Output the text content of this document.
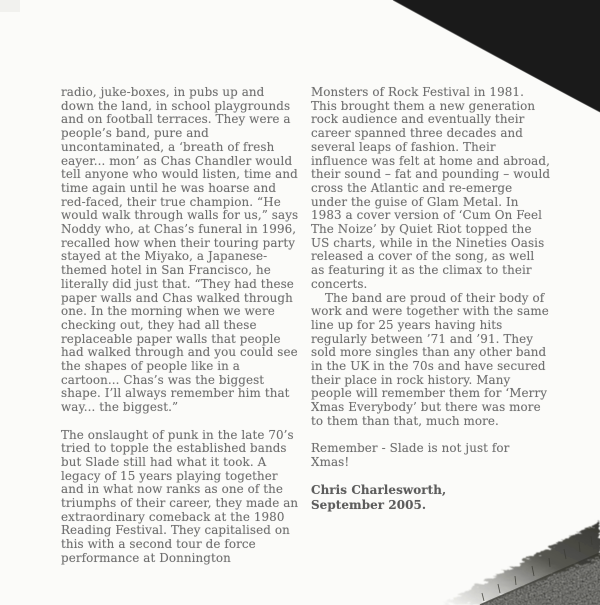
radio, juke-boxes, in pubs up and down the land, in school playgrounds and on football terraces. They were a people’s band, pure and uncontaminated, a ‘breath of fresh eayer... mon’ as Chas Chandler would tell anyone who would listen, time and time again until he was hoarse and red-faced, their true champion. “He would walk through walls for us,” says Noddy who, at Chas’s funeral in 1996, recalled how when their touring party stayed at the Miyako, a Japanese-themed hotel in San Francisco, he literally did just that. “They had these paper walls and Chas walked through one. In the morning when we were checking out, they had all these replaceable paper walls that people had walked through and you could see the shapes of people like in a cartoon... Chas’s was the biggest shape. I’ll always remember him that way... the biggest.”

The onslaught of punk in the late 70’s tried to topple the established bands but Slade still had what it took. A legacy of 15 years playing together and in what now ranks as one of the triumphs of their career, they made an extraordinary comeback at the 1980 Reading Festival. They capitalised on this with a second tour de force performance at Donnington

Monsters of Rock Festival in 1981. This brought them a new generation rock audience and eventually their career spanned three decades and several leaps of fashion. Their influence was felt at home and abroad, their sound – fat and pounding – would cross the Atlantic and re-emerge under the guise of Glam Metal. In 1983 a cover version of ‘Cum On Feel The Noize’ by Quiet Riot topped the US charts, while in the Nineties Oasis released a cover of the song, as well as featuring it as the climax to their concerts.

The band are proud of their body of work and were together with the same line up for 25 years having hits regularly between ’71 and ’91. They sold more singles than any other band in the UK in the 70s and have secured their place in rock history. Many people will remember them for ‘Merry Xmas Everybody’ but there was more to them than that, much more.

Remember - Slade is not just for Xmas!

Chris Charlesworth,
September 2005.
